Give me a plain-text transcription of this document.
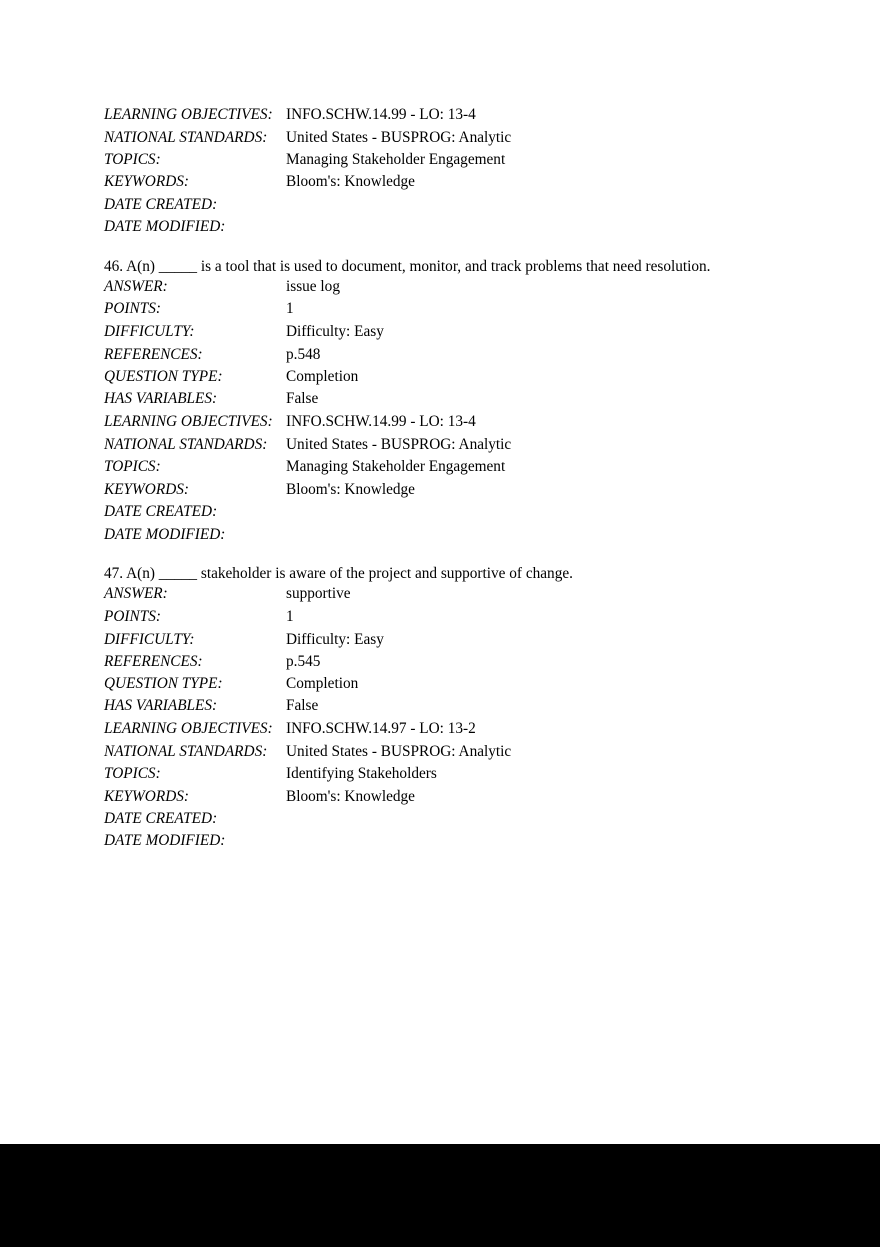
LEARNING OBJECTIVES: INFO.SCHW.14.99 - LO: 13-4
NATIONAL STANDARDS: United States - BUSPROG: Analytic
TOPICS:	Managing Stakeholder Engagement
KEYWORDS:	Bloom's: Knowledge
DATE CREATED:
DATE MODIFIED:
46. A(n) _____ is a tool that is used to document, monitor, and track problems that need resolution.
ANSWER:	issue log
POINTS:	1
DIFFICULTY:	Difficulty: Easy
REFERENCES:	p.548
QUESTION TYPE:	Completion
HAS VARIABLES:	False
LEARNING OBJECTIVES: INFO.SCHW.14.99 - LO: 13-4
NATIONAL STANDARDS: United States - BUSPROG: Analytic
TOPICS:	Managing Stakeholder Engagement
KEYWORDS:	Bloom's: Knowledge
DATE CREATED:
DATE MODIFIED:
47. A(n) _____ stakeholder is aware of the project and supportive of change.
ANSWER:	supportive
POINTS:	1
DIFFICULTY:	Difficulty: Easy
REFERENCES:	p.545
QUESTION TYPE:	Completion
HAS VARIABLES:	False
LEARNING OBJECTIVES: INFO.SCHW.14.97 - LO: 13-2
NATIONAL STANDARDS: United States - BUSPROG: Analytic
TOPICS:	Identifying Stakeholders
KEYWORDS:	Bloom's: Knowledge
DATE CREATED:
DATE MODIFIED:
